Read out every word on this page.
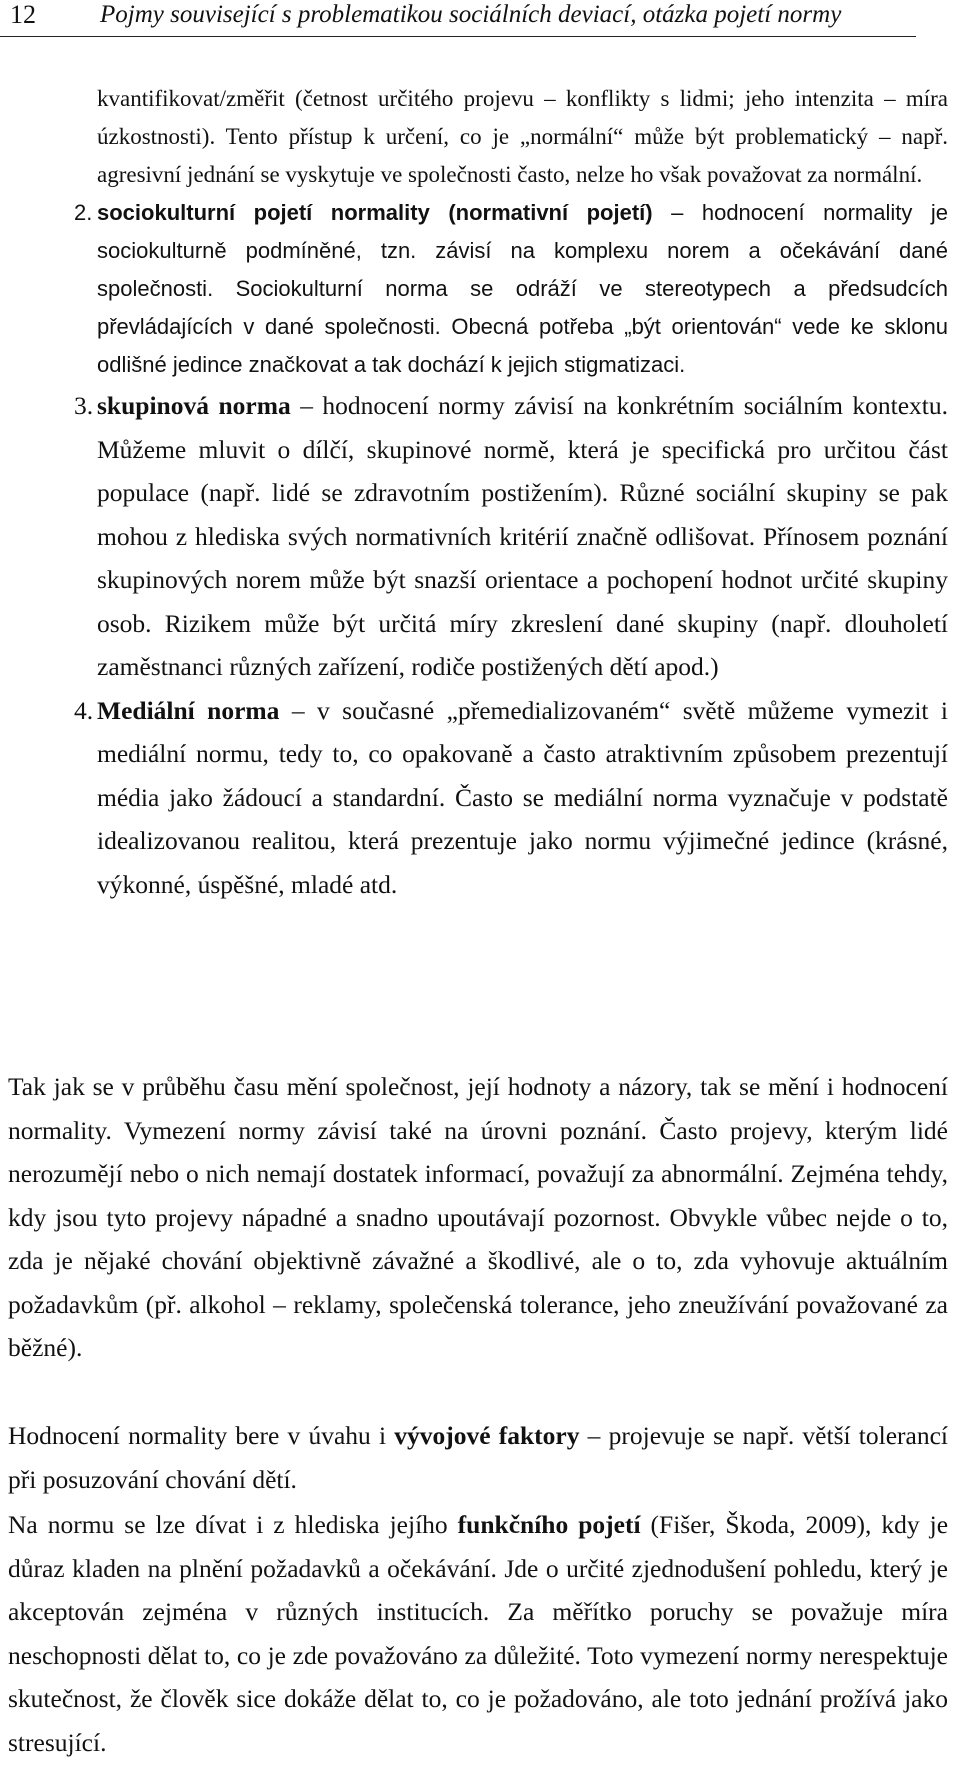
12	Pojmy související s problematikou sociálních deviací, otázka pojetí normy

kvantifikovat/změřit (četnost určitého projevu – konflikty s lidmi; jeho intenzita – míra úzkostnosti). Tento přístup k určení, co je „normální“ může být problematický – např. agresivní jednání se vyskytuje ve společnosti často, nelze ho však považovat za normální.

2. sociokulturní pojetí normality (normativní pojetí) – hodnocení normality je sociokulturně podmíněné, tzn. závisí na komplexu norem a očekávání dané společnosti. Sociokulturní norma se odráží ve stereotypech a předsudcích převládajících v dané společnosti. Obecná potřeba „být orientován“ vede ke sklonu odlišné jedince značkovat a tak dochází k jejich stigmatizaci.

3. skupinová norma – hodnocení normy závisí na konkrétním sociálním kontextu. Můžeme mluvit o dílčí, skupinové normě, která je specifická pro určitou část populace (např. lidé se zdravotním postižením). Různé sociální skupiny se pak mohou z hlediska svých normativních kritérií značně odlišovat. Přínosem poznání skupinových norem může být snazší orientace a pochopení hodnot určité skupiny osob. Rizikem může být určitá míry zkreslení dané skupiny (např. dlouholetí zaměstnanci různých zařízení, rodiče postižených dětí apod.)

4. Mediální norma – v současné „přemedializovaném“ světě můžeme vymezit i mediální normu, tedy to, co opakovaně a často atraktivním způsobem prezentují média jako žádoucí a standardní. Často se mediální norma vyznačuje v podstatě idealizovanou realitou, která prezentuje jako normu výjimečné jedince (krásné, výkonné, úspěšné, mladé atd.

Tak jak se v průběhu času mění společnost, její hodnoty a názory, tak se mění i hodnocení normality. Vymezení normy závisí také na úrovni poznání. Často projevy, kterým lidé nerozumějí nebo o nich nemají dostatek informací, považují za abnormální. Zejména tehdy, kdy jsou tyto projevy nápadné a snadno upoutávají pozornost. Obvykle vůbec nejde o to, zda je nějaké chování objektivně závažné a škodlivé, ale o to, zda vyhovuje aktuálním požadavkům (př. alkohol – reklamy, společenská tolerance, jeho zneužívání považované za běžné).

Hodnocení normality bere v úvahu i vývojové faktory – projevuje se např. větší tolerancí při posuzování chování dětí.

Na normu se lze dívat i z hlediska jejího funkčního pojetí (Fišer, Škoda, 2009), kdy je důraz kladen na plnění požadavků a očekávání. Jde o určité zjednodušení pohledu, který je akceptován zejména v různých institucích. Za měřítko poruchy se považuje míra neschopnosti dělat to, co je zde považováno za důležité. Toto vymezení normy nerespektuje skutečnost, že člověk sice dokáže dělat to, co je požadováno, ale toto jednání prožívá jako stresující.
